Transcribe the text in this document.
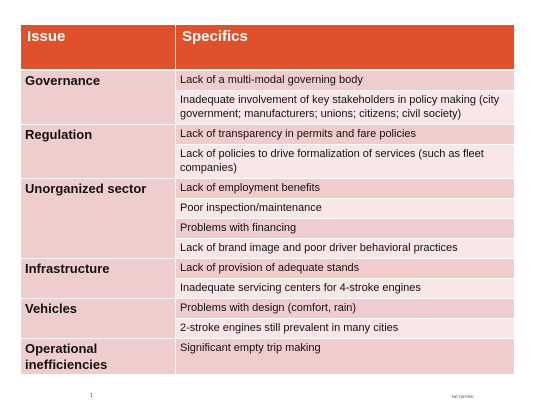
Issue	Specifics
Governance	Lack of a multi-modal governing body
	Inadequate involvement of key stakeholders in policy making (city government; manufacturers; unions; citizens; civil society)
Regulation	Lack of transparency in permits and fare policies
	Lack of policies to drive formalization of services (such as fleet companies)
Unorganized sector	Lack of employment benefits
	Poor inspection/maintenance
	Problems with financing
	Lack of brand image and poor driver behavioral practices
Infrastructure	Lack of provision of adequate stands
	Inadequate servicing centers for 4-stroke engines
Vehicles	Problems with design (comfort, rain)
	2-stroke engines still prevalent in many cities
Operational inefficiencies	Significant empty trip making
1	NETWORK
